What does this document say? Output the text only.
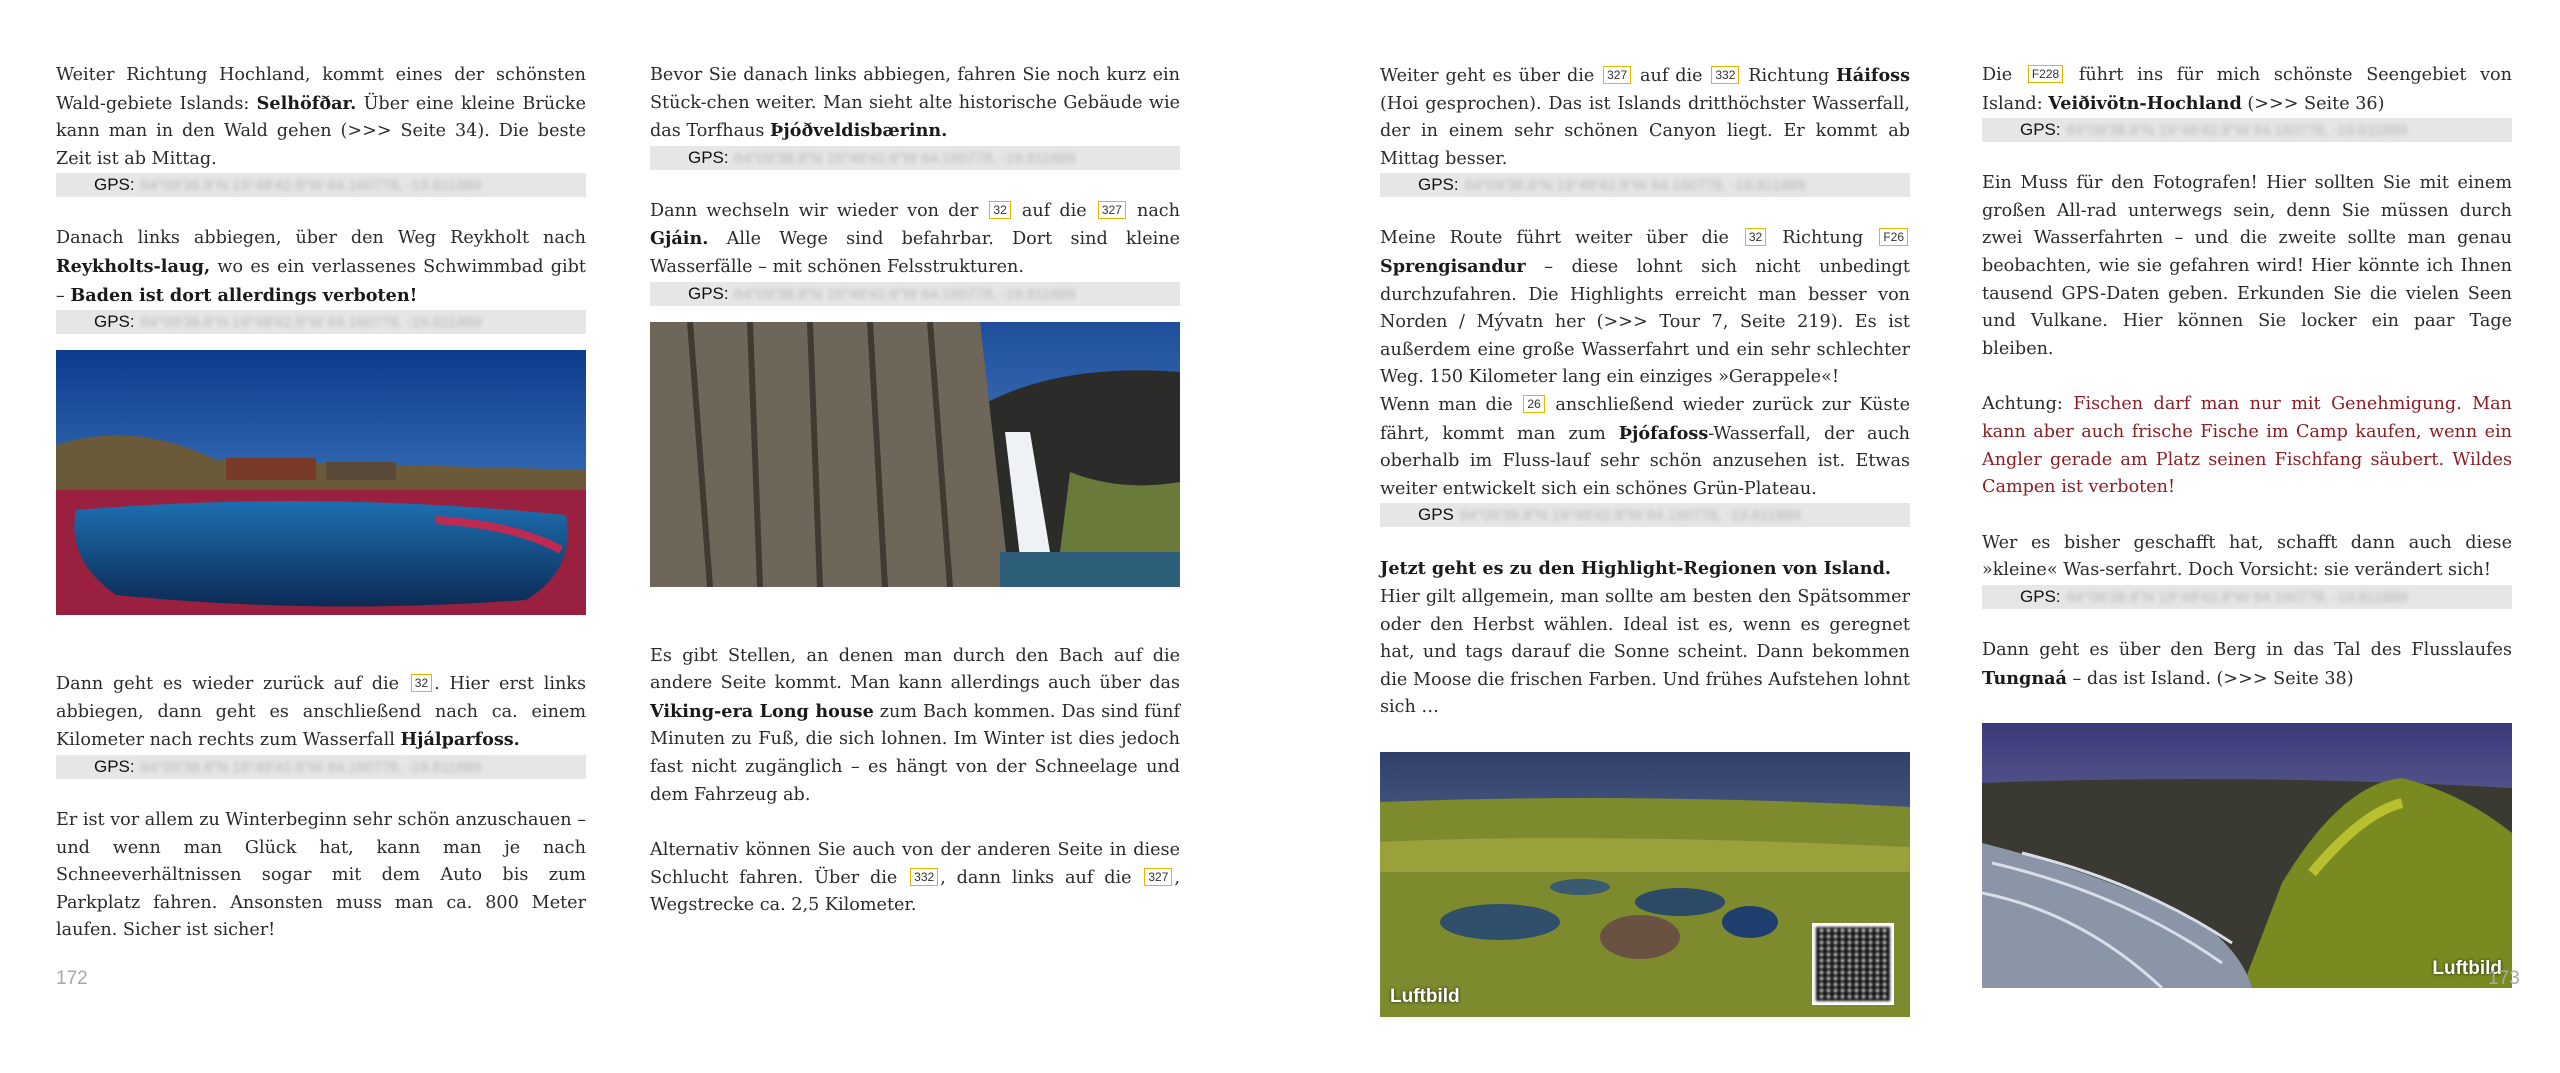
Weiter Richtung Hochland, kommt eines der schönsten Wald-gebiete Islands: Selhöfðar. Über eine kleine Brücke kann man in den Wald gehen (>>> Seite 34). Die beste Zeit ist ab Mittag.

GPS: 64°09'38.8"N 19°48'42.8"W 64.160778, -19.811889

Danach links abbiegen, über den Weg Reykholt nach Reykholts-laug, wo es ein verlassenes Schwimmbad gibt – Baden ist dort allerdings verboten!

GPS: 64°09'38.8"N 19°48'42.8"W 64.160778, -19.811889

Dann geht es wieder zurück auf die 32 . Hier erst links abbiegen, dann geht es anschließend nach ca. einem Kilometer nach rechts zum Wasserfall Hjálparfoss.

GPS: 64°09'38.8"N 19°48'42.8"W 64.160778, -19.811889

Er ist vor allem zu Winterbeginn sehr schön anzuschauen – und wenn man Glück hat, kann man je nach Schneeverhältnissen sogar mit dem Auto bis zum Parkplatz fahren. Ansonsten muss man ca. 800 Meter laufen. Sicher ist sicher!

Bevor Sie danach links abbiegen, fahren Sie noch kurz ein Stück-chen weiter. Man sieht alte historische Gebäude wie das Torfhaus Þjóðveldisbærinn.

GPS: 64°09'38.8"N 19°48'42.8"W 64.160778, -19.811889

Dann wechseln wir wieder von der 32 auf die 327 nach Gjáin. Alle Wege sind befahrbar. Dort sind kleine Wasserfälle – mit schönen Felsstrukturen.

GPS: 64°09'38.8"N 19°48'42.8"W 64.160778, -19.811889

Es gibt Stellen, an denen man durch den Bach auf die andere Seite kommt. Man kann allerdings auch über das Viking-era Long house zum Bach kommen. Das sind fünf Minuten zu Fuß, die sich lohnen. Im Winter ist dies jedoch fast nicht zugänglich – es hängt von der Schneelage und dem Fahrzeug ab.

Alternativ können Sie auch von der anderen Seite in diese Schlucht fahren. Über die 332 , dann links auf die 327 , Wegstrecke ca. 2,5 Kilometer.

172

Weiter geht es über die 327 auf die 332 Richtung Háifoss (Hoi gesprochen). Das ist Islands dritthöchster Wasserfall, der in einem sehr schönen Canyon liegt. Er kommt ab Mittag besser.

GPS: 64°09'38.8"N 19°48'42.8"W 64.160778, -19.811889

Meine Route führt weiter über die 32 Richtung F26 Sprengisandur – diese lohnt sich nicht unbedingt durchzufahren. Die Highlights erreicht man besser von Norden / Mývatn her (>>> Tour 7, Seite 219). Es ist außerdem eine große Wasserfahrt und ein sehr schlechter Weg. 150 Kilometer lang ein einziges »Gerappele«!

Wenn man die 26 anschließend wieder zurück zur Küste fährt, kommt man zum Þjófafoss-Wasserfall, der auch oberhalb im Fluss-lauf sehr schön anzusehen ist. Etwas weiter entwickelt sich ein schönes Grün-Plateau.

GPS 64°09'38.8"N 19°48'42.8"W 64.160778, -19.811889

Jetzt geht es zu den Highlight-Regionen von Island.

Hier gilt allgemein, man sollte am besten den Spätsommer oder den Herbst wählen. Ideal ist es, wenn es geregnet hat, und tags darauf die Sonne scheint. Dann bekommen die Moose die frischen Farben. Und frühes Aufstehen lohnt sich …

Luftbild

Die F228 führt ins für mich schönste Seengebiet von Island: Veiðivötn-Hochland (>>> Seite 36)

GPS: 64°09'38.8"N 19°48'42.8"W 64.160778, -19.811889

Ein Muss für den Fotografen! Hier sollten Sie mit einem großen All-rad unterwegs sein, denn Sie müssen durch zwei Wasserfahrten – und die zweite sollte man genau beobachten, wie sie gefahren wird! Hier könnte ich Ihnen tausend GPS-Daten geben. Erkunden Sie die vielen Seen und Vulkane. Hier können Sie locker ein paar Tage bleiben.

Achtung: Fischen darf man nur mit Genehmigung. Man kann aber auch frische Fische im Camp kaufen, wenn ein Angler gerade am Platz seinen Fischfang säubert. Wildes Campen ist verboten!

Wer es bisher geschafft hat, schafft dann auch diese »kleine« Was-serfahrt. Doch Vorsicht: sie verändert sich!

GPS: 64°09'38.8"N 19°48'42.8"W 64.160778, -19.811889

Dann geht es über den Berg in das Tal des Flusslaufes Tungnaá – das ist Island. (>>> Seite 38)

Luftbild
173
